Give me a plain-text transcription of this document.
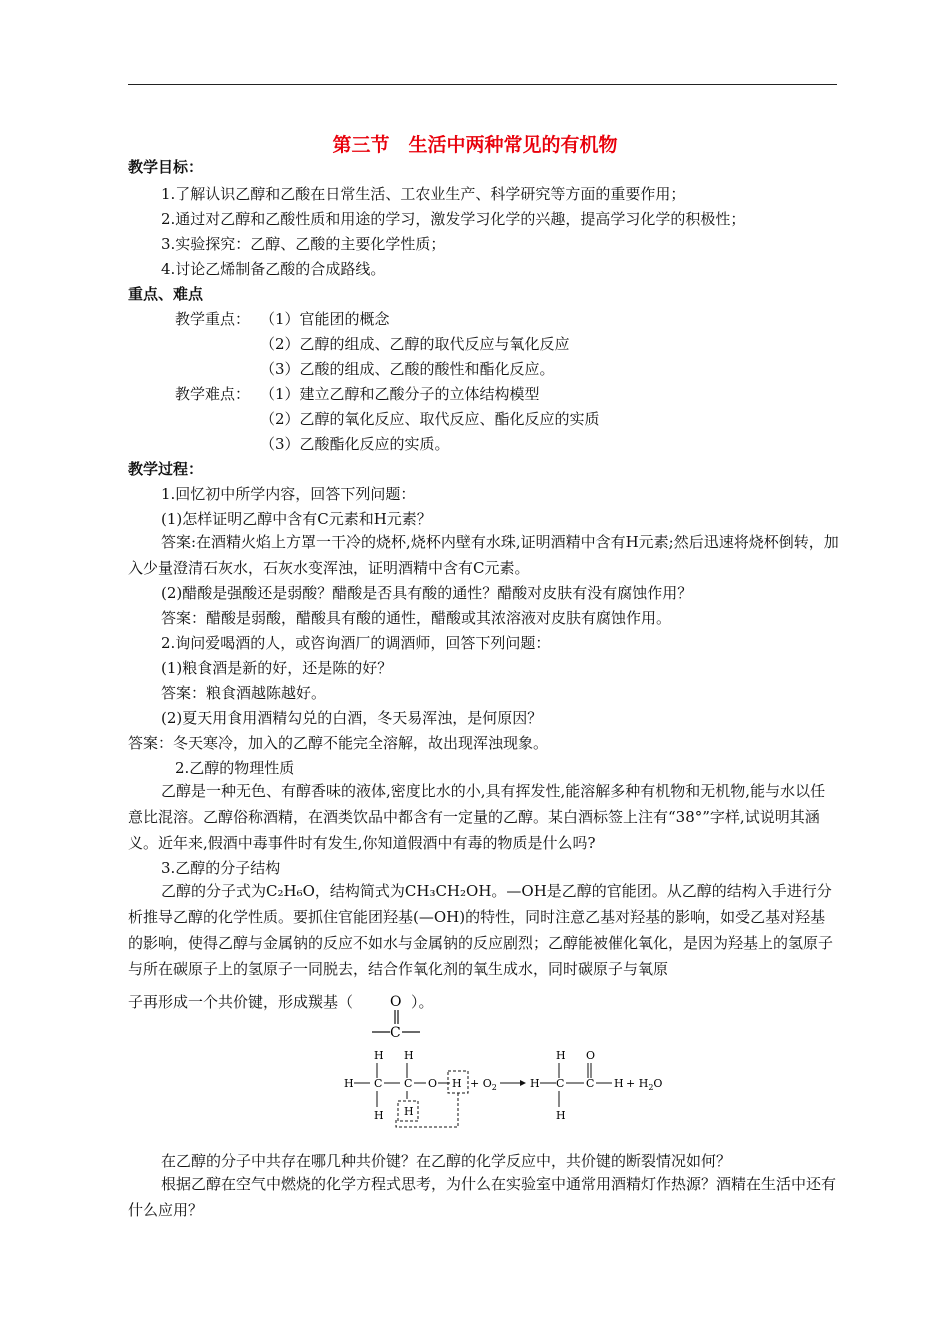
第三节　生活中两种常见的有机物
教学目标：
1.了解认识乙醇和乙酸在日常生活、工农业生产、科学研究等方面的重要作用；
2.通过对乙醇和乙酸性质和用途的学习，激发学习化学的兴趣，提高学习化学的积极性；
3.实验探究：乙醇、乙酸的主要化学性质；
4.讨论乙烯制备乙酸的合成路线。
重点、难点
教学重点： （1）官能团的概念
（2）乙醇的组成、乙醇的取代反应与氧化反应
（3）乙酸的组成、乙酸的酸性和酯化反应。
教学难点： （1）建立乙醇和乙酸分子的立体结构模型
（2）乙醇的氧化反应、取代反应、酯化反应的实质
（3）乙酸酯化反应的实质。
教学过程：
1.回忆初中所学内容，回答下列问题：
(1)怎样证明乙醇中含有C元素和H元素？
答案:在酒精火焰上方罩一干冷的烧杯,烧杯内壁有水珠,证明酒精中含有H元素;然后迅速将烧杯倒转，加入少量澄清石灰水，石灰水变浑浊，证明酒精中含有C元素。
(2)醋酸是强酸还是弱酸？醋酸是否具有酸的通性？醋酸对皮肤有没有腐蚀作用？
答案：醋酸是弱酸，醋酸具有酸的通性，醋酸或其浓溶液对皮肤有腐蚀作用。
2.询问爱喝酒的人，或咨询酒厂的调酒师，回答下列问题：
(1)粮食酒是新的好，还是陈的好？
答案：粮食酒越陈越好。
(2)夏天用食用酒精勾兑的白酒，冬天易浑浊，是何原因？
答案：冬天寒冷，加入的乙醇不能完全溶解，故出现浑浊现象。
2.乙醇的物理性质
乙醇是一种无色、有醇香味的液体,密度比水的小,具有挥发性,能溶解多种有机物和无机物,能与水以任意比混溶。乙醇俗称酒精，在酒类饮品中都含有一定量的乙醇。某白酒标签上注有“38°”字样,试说明其涵义。近年来,假酒中毒事件时有发生,你知道假酒中有毒的物质是什么吗?
3.乙醇的分子结构
乙醇的分子式为C₂H₆O，结构简式为CH₃CH₂OH。—OH是乙醇的官能团。从乙醇的结构入手进行分析推导乙醇的化学性质。要抓住官能团羟基(—OH)的特性，同时注意乙基对羟基的影响，如受乙基对羟基的影响，使得乙醇与金属钠的反应不如水与金属钠的反应剧烈；乙醇能被催化氧化，是因为羟基上的氢原子与所在碳原子上的氢原子一同脱去，结合作氧化剂的氧生成水，同时碳原子与氧原
子再形成一个共价键，形成羰基（	）。
O
C
H H
H C C O H
H H
+ $O_2$	H
H
C
H
O
C $H + H_2O$
在乙醇的分子中共存在哪几种共价键？在乙醇的化学反应中，共价键的断裂情况如何？
根据乙醇在空气中燃烧的化学方程式思考，为什么在实验室中通常用酒精灯作热源？酒精在生活中还有什么应用？
